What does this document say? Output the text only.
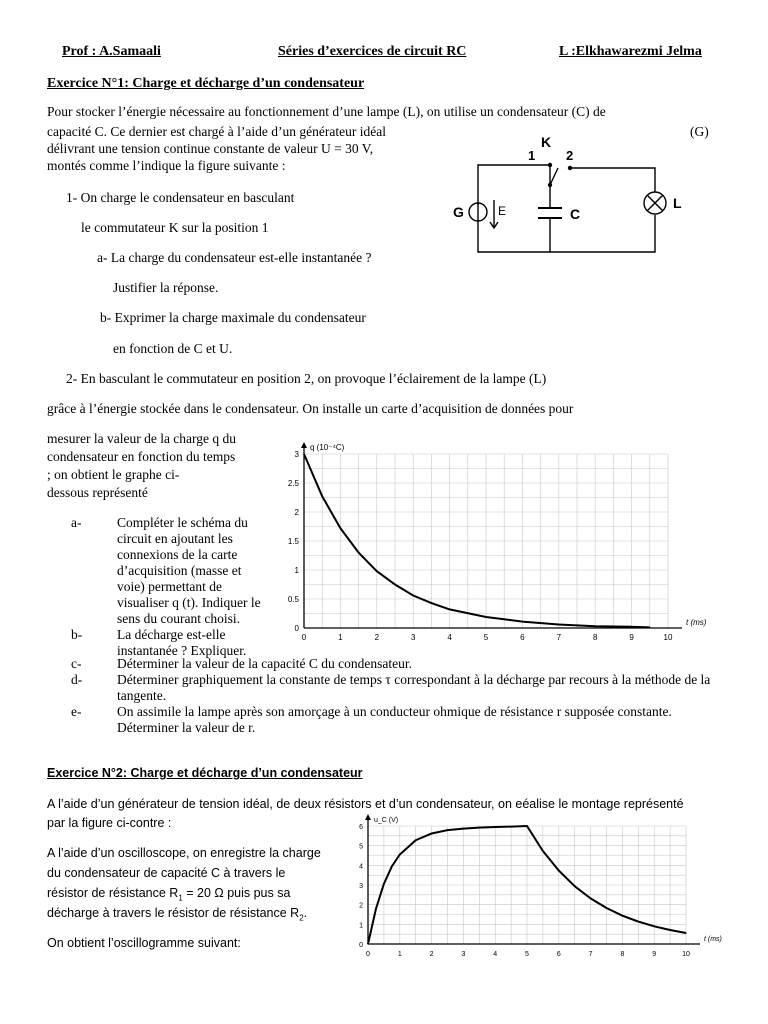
Prof : A.Samaali	Séries d’exercices de circuit RC	L :Elkhawarezmi Jelma
Exercice N°1: Charge et décharge d’un condensateur
Pour stocker l’énergie nécessaire au fonctionnement d’une lampe (L), on utilise un condensateur (C) de
capacité C. Ce dernier est chargé à l’aide d’un générateur idéal	(G)
délivrant une tension continue constante de valeur U = 30 V,
montés comme l’indique la figure suivante :
1- On charge le condensateur en basculant
le commutateur K sur la position 1
a- La charge du condensateur est-elle instantanée ?
Justifier la réponse.
b- Exprimer la charge maximale du condensateur
en fonction de C et U.
2- En basculant le commutateur en position 2, on provoque l’éclairement de la lampe (L)
grâce à l’énergie stockée dans le condensateur. On installe un carte d’acquisition de données pour
mesurer la valeur de la charge q du
condensateur en fonction du temps
; on obtient le graphe ci-
dessous représenté
a-	Compléter le schéma du circuit en ajoutant les connexions de la carte d’acquisition (masse et voie) permettant de visualiser q (t). Indiquer le sens du courant choisi.
b-	La décharge est-elle instantanée ? Expliquer.
c-	Déterminer la valeur de la capacité C du condensateur.
d-	Déterminer graphiquement la constante de temps τ correspondant à la décharge par recours à la méthode de la tangente.
e-	On assimile la lampe après son amorçage à un conducteur ohmique de résistance r supposée constante. Déterminer la valeur de r.
K
1 2
G	E	C
L
0	1	2	3	4	5	6	7	8	9	10
0
0.5
1
1.5
2
2.5
3
q (10⁻⁴C)
t (ms)
Exercice N°2: Charge et décharge d’un condensateur
A l’aide d’un générateur de tension idéal, de deux résistors et d’un condensateur, on eéalise le montage représenté
par la figure ci-contre :
A l’aide d’un oscilloscope, on enregistre la charge
du condensateur de capacité C à travers le
résistor de résistance $R_1 = 20$ Ω puis pus sa
décharge à travers le résistor de résistance $R_2$.
On obtient l’oscillogramme suivant:
0	1	2	3	4	5	6	7	8	9	10
0
1
2
3
4
5
6
u_C (V)
t (ms)
